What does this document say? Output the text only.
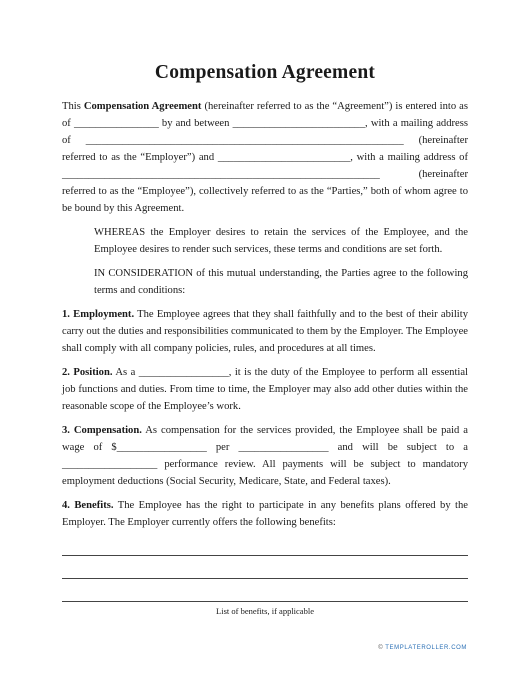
Compensation Agreement

This Compensation Agreement (hereinafter referred to as the “Agreement”) is entered into as of ________________ by and between _________________________, with a mailing address of ____________________________________________________________ (hereinafter referred to as the “Employer”) and _________________________, with a mailing address of ____________________________________________________________ (hereinafter referred to as the “Employee”), collectively referred to as the “Parties,” both of whom agree to be bound by this Agreement.

WHEREAS the Employer desires to retain the services of the Employee, and the Employee desires to render such services, these terms and conditions are set forth.

IN CONSIDERATION of this mutual understanding, the Parties agree to the following terms and conditions:

1. Employment. The Employee agrees that they shall faithfully and to the best of their ability carry out the duties and responsibilities communicated to them by the Employer. The Employee shall comply with all company policies, rules, and procedures at all times.

2. Position. As a _________________, it is the duty of the Employee to perform all essential job functions and duties. From time to time, the Employer may also add other duties within the reasonable scope of the Employee’s work.

3. Compensation. As compensation for the services provided, the Employee shall be paid a wage of $_________________ per _________________ and will be subject to a __________________ performance review. All payments will be subject to mandatory employment deductions (Social Security, Medicare, State, and Federal taxes).

4. Benefits. The Employee has the right to participate in any benefits plans offered by the Employer. The Employer currently offers the following benefits:

List of benefits, if applicable
© TEMPLATEROLLER.COM
